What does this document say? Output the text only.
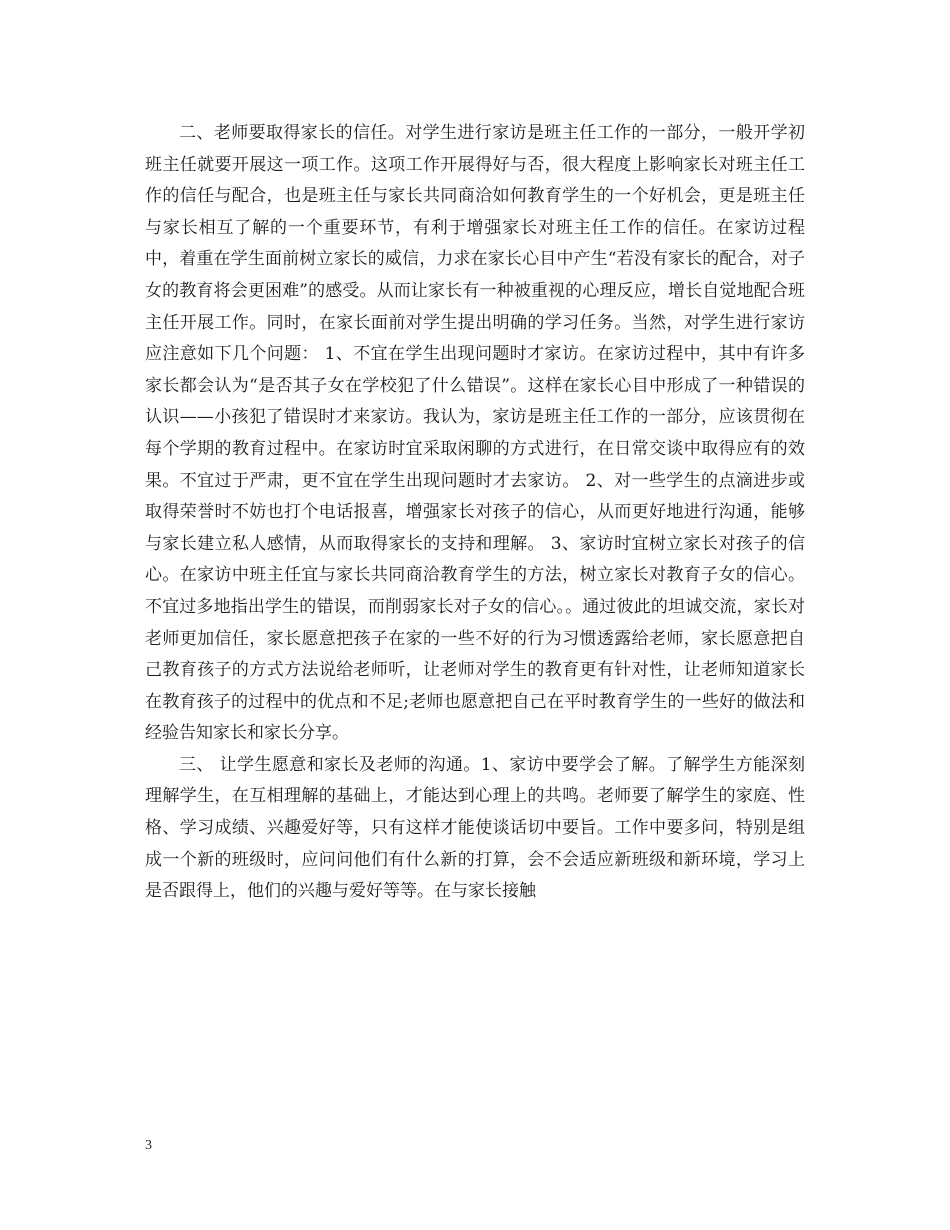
二、老师要取得家长的信任。对学生进行家访是班主任工作的一部分，一般开学初班主任就要开展这一项工作。这项工作开展得好与否，很大程度上影响家长对班主任工作的信任与配合，也是班主任与家长共同商洽如何教育学生的一个好机会，更是班主任与家长相互了解的一个重要环节，有利于增强家长对班主任工作的信任。在家访过程中，着重在学生面前树立家长的威信，力求在家长心目中产生“若没有家长的配合，对子女的教育将会更困难”的感受。从而让家长有一种被重视的心理反应，增长自觉地配合班主任开展工作。同时，在家长面前对学生提出明确的学习任务。当然，对学生进行家访应注意如下几个问题： 1、不宜在学生出现问题时才家访。在家访过程中，其中有许多家长都会认为“是否其子女在学校犯了什么错误”。这样在家长心目中形成了一种错误的认识——小孩犯了错误时才来家访。我认为，家访是班主任工作的一部分，应该贯彻在每个学期的教育过程中。在家访时宜采取闲聊的方式进行，在日常交谈中取得应有的效果。不宜过于严肃，更不宜在学生出现问题时才去家访。 2、对一些学生的点滴进步或取得荣誉时不妨也打个电话报喜，增强家长对孩子的信心，从而更好地进行沟通，能够与家长建立私人感情，从而取得家长的支持和理解。 3、家访时宜树立家长对孩子的信心。在家访中班主任宜与家长共同商洽教育学生的方法，树立家长对教育子女的信心。不宜过多地指出学生的错误，而削弱家长对子女的信心。。通过彼此的坦诚交流，家长对老师更加信任，家长愿意把孩子在家的一些不好的行为习惯透露给老师，家长愿意把自己教育孩子的方式方法说给老师听，让老师对学生的教育更有针对性，让老师知道家长在教育孩子的过程中的优点和不足;老师也愿意把自己在平时教育学生的一些好的做法和经验告知家长和家长分享。

三、 让学生愿意和家长及老师的沟通。1、家访中要学会了解。了解学生方能深刻理解学生，在互相理解的基础上，才能达到心理上的共鸣。老师要了解学生的家庭、性格、学习成绩、兴趣爱好等，只有这样才能使谈话切中要旨。工作中要多问，特别是组成一个新的班级时，应问问他们有什么新的打算，会不会适应新班级和新环境，学习上是否跟得上，他们的兴趣与爱好等等。在与家长接触

3
